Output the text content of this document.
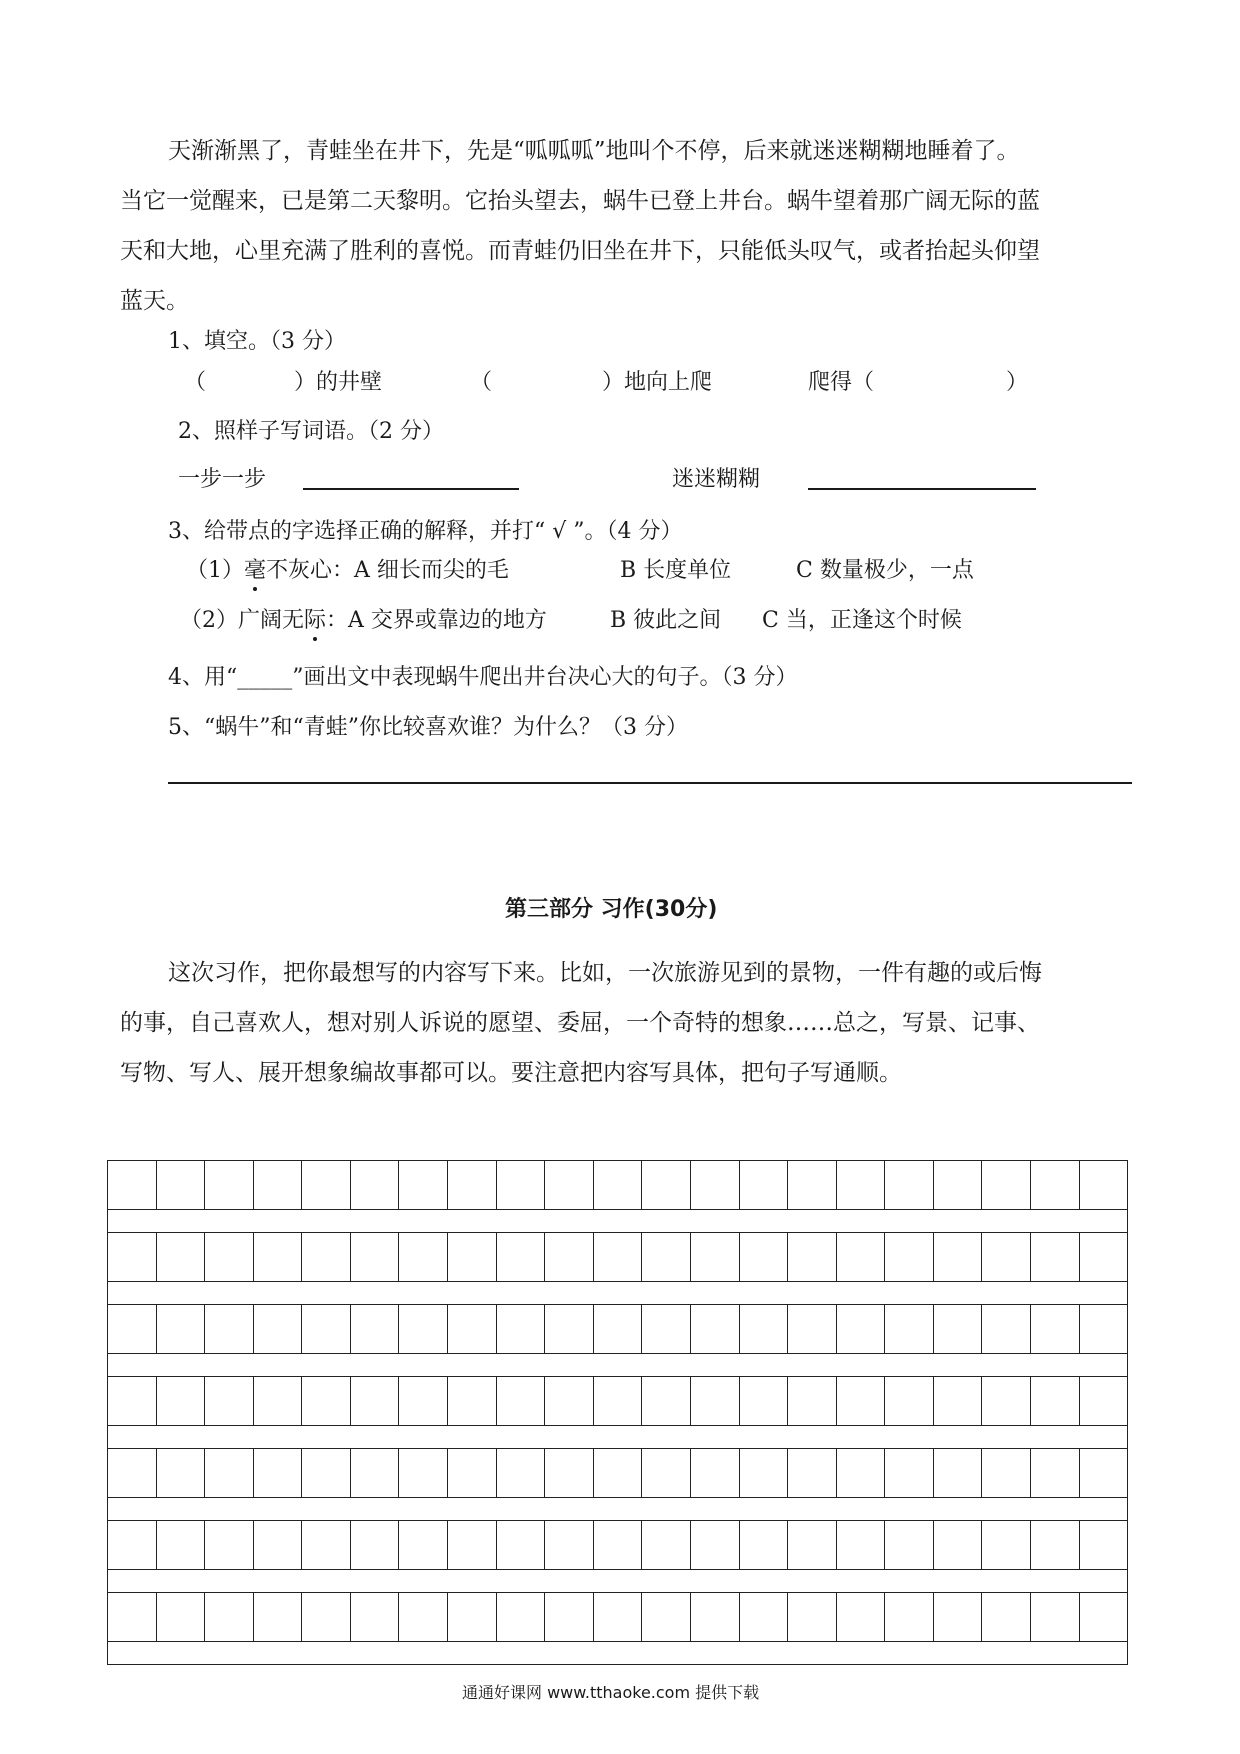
天渐渐黑了，青蛙坐在井下，先是“呱呱呱”地叫个不停，后来就迷迷糊糊地睡着了。
当它一觉醒来，已是第二天黎明。它抬头望去，蜗牛已登上井台。蜗牛望着那广阔无际的蓝
天和大地，心里充满了胜利的喜悦。而青蛙仍旧坐在井下，只能低头叹气，或者抬起头仰望
蓝天。
1、填空。（3 分）
（　　　　）的井壁	（　　　　　）地向上爬	爬得（　　　　　　）
2、照样子写词语。（2 分）
一步一步	迷迷糊糊
3、给带点的字选择正确的解释，并打“ √ ”。（4 分）
（1）毫不灰心：A 细长而尖的毛	B 长度单位	C 数量极少，一点
（2）广阔无际：A 交界或靠边的地方	B 彼此之间 C 当，正逢这个时候
4、用“_____”画出文中表现蜗牛爬出井台决心大的句子。（3 分）
5、“蜗牛”和“青蛙”你比较喜欢谁？为什么？（3 分）
第三部分 习作(30分)
这次习作，把你最想写的内容写下来。比如，一次旅游见到的景物，一件有趣的或后悔
的事，自己喜欢人，想对别人诉说的愿望、委屈，一个奇特的想象……总之，写景、记事、
写物、写人、展开想象编故事都可以。要注意把内容写具体，把句子写通顺。
通通好课网 www.tthaoke.com 提供下载
